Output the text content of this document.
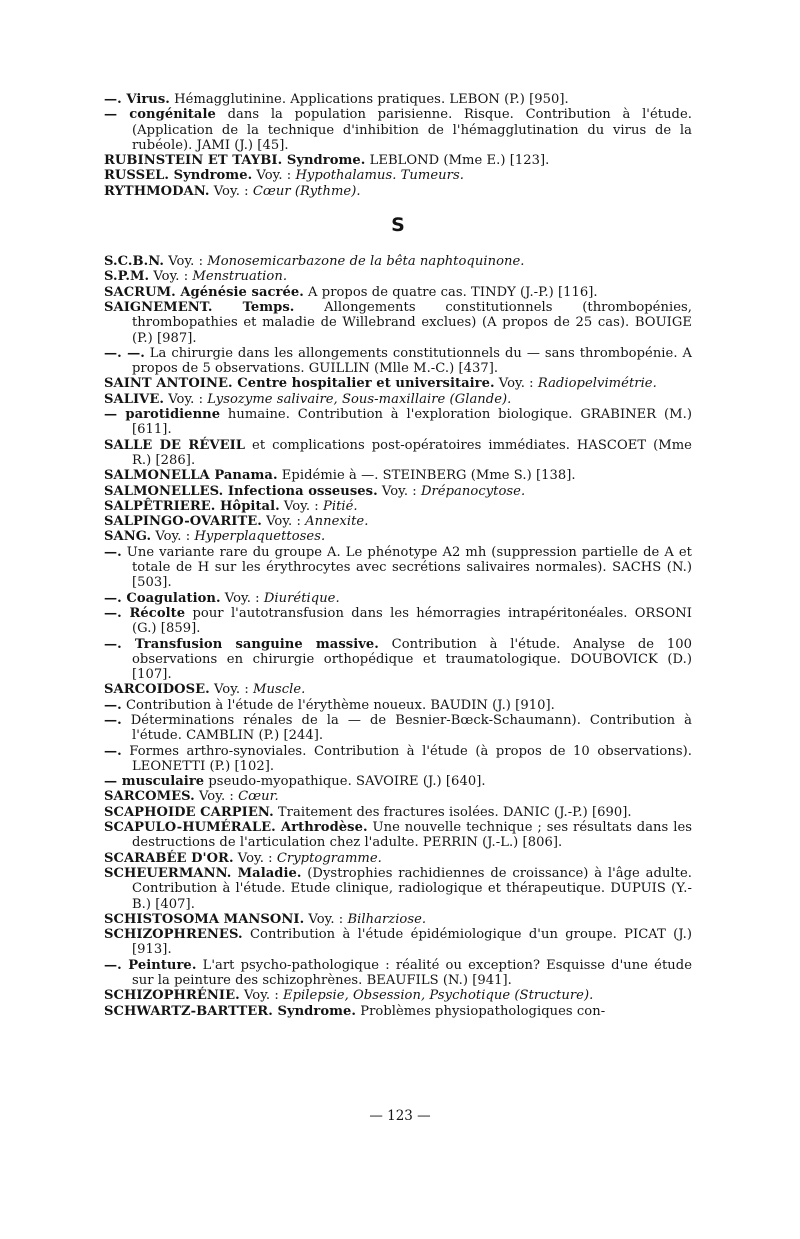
—. Virus. Hémagglutinine. Applications pratiques. LEBON (P.) [950].

— congénitale dans la population parisienne. Risque. Contribution à l'étude. (Application de la technique d'inhibition de l'hémagglutination du virus de la rubéole). JAMI (J.) [45].

RUBINSTEIN ET TAYBI. Syndrome. LEBLOND (Mme E.) [123].

RUSSEL. Syndrome. Voy. : Hypothalamus. Tumeurs.

RYTHMODAN. Voy. : Cœur (Rythme).

S

S.C.B.N. Voy. : Monosemicarbazone de la bêta naphtoquinone.

S.P.M. Voy. : Menstruation.

SACRUM. Agénésie sacrée. A propos de quatre cas. TINDY (J.-P.) [116].

SAIGNEMENT. Temps. Allongements constitutionnels (thrombopénies, thrombopathies et maladie de Willebrand exclues) (A propos de 25 cas). BOUIGE (P.) [987].

—. —. La chirurgie dans les allongements constitutionnels du — sans thrombopénie. A propos de 5 observations. GUILLIN (Mlle M.-C.) [437].

SAINT ANTOINE. Centre hospitalier et universitaire. Voy. : Radiopelvimétrie.

SALIVE. Voy. : Lysozyme salivaire, Sous-maxillaire (Glande).

— parotidienne humaine. Contribution à l'exploration biologique. GRABINER (M.) [611].

SALLE DE RÉVEIL et complications post-opératoires immédiates. HASCOET (Mme R.) [286].

SALMONELLA Panama. Epidémie à —. STEINBERG (Mme S.) [138].

SALMONELLES. Infectiona osseuses. Voy. : Drépanocytose.

SALPÊTRIERE. Hôpital. Voy. : Pitié.

SALPINGO-OVARITE. Voy. : Annexite.

SANG. Voy. : Hyperplaquettoses.

—. Une variante rare du groupe A. Le phénotype A2 mh (suppression partielle de A et totale de H sur les érythrocytes avec secrétions salivaires normales). SACHS (N.) [503].

—. Coagulation. Voy. : Diurétique.

—. Récolte pour l'autotransfusion dans les hémorragies intrapéritonéales. ORSONI (G.) [859].

—. Transfusion sanguine massive. Contribution à l'étude. Analyse de 100 observations en chirurgie orthopédique et traumatologique. DOUBOVICK (D.) [107].

SARCOIDOSE. Voy. : Muscle.

—. Contribution à l'étude de l'érythème noueux. BAUDIN (J.) [910].

—. Déterminations rénales de la — de Besnier-Bœck-Schaumann). Contribution à l'étude. CAMBLIN (P.) [244].

—. Formes arthro-synoviales. Contribution à l'étude (à propos de 10 observations). LEONETTI (P.) [102].

— musculaire pseudo-myopathique. SAVOIRE (J.) [640].

SARCOMES. Voy. : Cœur.

SCAPHOIDE CARPIEN. Traitement des fractures isolées. DANIC (J.-P.) [690].

SCAPULO-HUMÉRALE. Arthrodèse. Une nouvelle technique ; ses résultats dans les destructions de l'articulation chez l'adulte. PERRIN (J.-L.) [806].

SCARABÉE D'OR. Voy. : Cryptogramme.

SCHEUERMANN. Maladie. (Dystrophies rachidiennes de croissance) à l'âge adulte. Contribution à l'étude. Etude clinique, radiologique et thérapeutique. DUPUIS (Y.-B.) [407].

SCHISTOSOMA MANSONI. Voy. : Bilharziose.

SCHIZOPHRENES. Contribution à l'étude épidémiologique d'un groupe. PICAT (J.) [913].

—. Peinture. L'art psycho-pathologique : réalité ou exception? Esquisse d'une étude sur la peinture des schizophrènes. BEAUFILS (N.) [941].

SCHIZOPHRÉNIE. Voy. : Epilepsie, Obsession, Psychotique (Structure).

SCHWARTZ-BARTTER. Syndrome. Problèmes physiopathologiques con-

— 123 —
